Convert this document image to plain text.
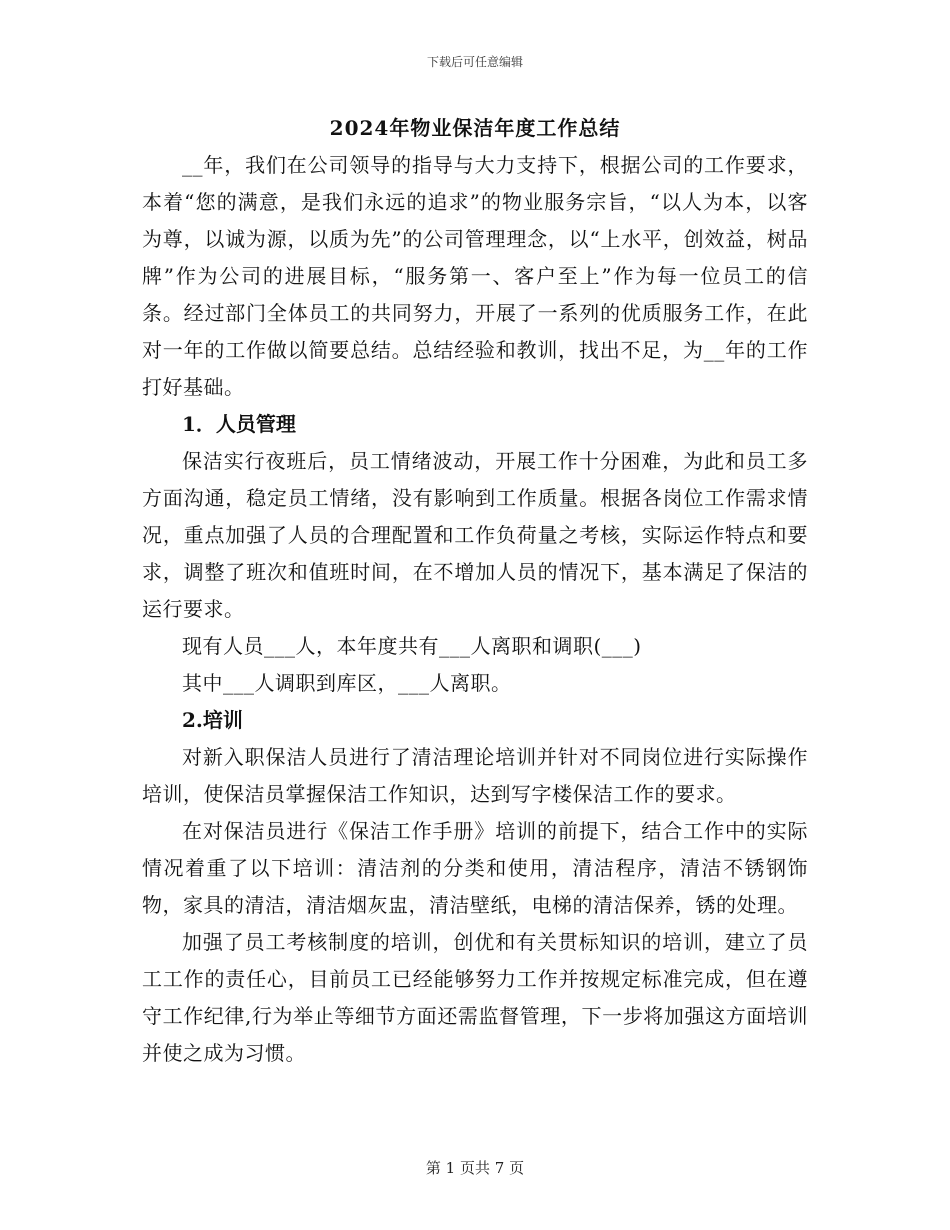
下载后可任意编辑
2024年物业保洁年度工作总结

__年，我们在公司领导的指导与大力支持下，根据公司的工作要求，本着“您的满意，是我们永远的追求”的物业服务宗旨，“以人为本，以客为尊，以诚为源，以质为先”的公司管理理念，以“上水平，创效益，树品牌”作为公司的进展目标，“服务第一、客户至上”作为每一位员工的信条。经过部门全体员工的共同努力，开展了一系列的优质服务工作，在此对一年的工作做以简要总结。总结经验和教训，找出不足，为__年的工作打好基础。

1．人员管理

保洁实行夜班后，员工情绪波动，开展工作十分困难，为此和员工多方面沟通，稳定员工情绪，没有影响到工作质量。根据各岗位工作需求情况，重点加强了人员的合理配置和工作负荷量之考核，实际运作特点和要求，调整了班次和值班时间，在不增加人员的情况下，基本满足了保洁的运行要求。

现有人员___人，本年度共有___人离职和调职(___)

其中___人调职到库区，___人离职。

2.培训

对新入职保洁人员进行了清洁理论培训并针对不同岗位进行实际操作培训，使保洁员掌握保洁工作知识，达到写字楼保洁工作的要求。

在对保洁员进行《保洁工作手册》培训的前提下，结合工作中的实际情况着重了以下培训：清洁剂的分类和使用，清洁程序，清洁不锈钢饰物，家具的清洁，清洁烟灰盅，清洁壁纸，电梯的清洁保养，锈的处理。

加强了员工考核制度的培训，创优和有关贯标知识的培训，建立了员工工作的责任心，目前员工已经能够努力工作并按规定标准完成，但在遵守工作纪律,行为举止等细节方面还需监督管理，下一步将加强这方面培训并使之成为习惯。

第 1 页共 7 页
